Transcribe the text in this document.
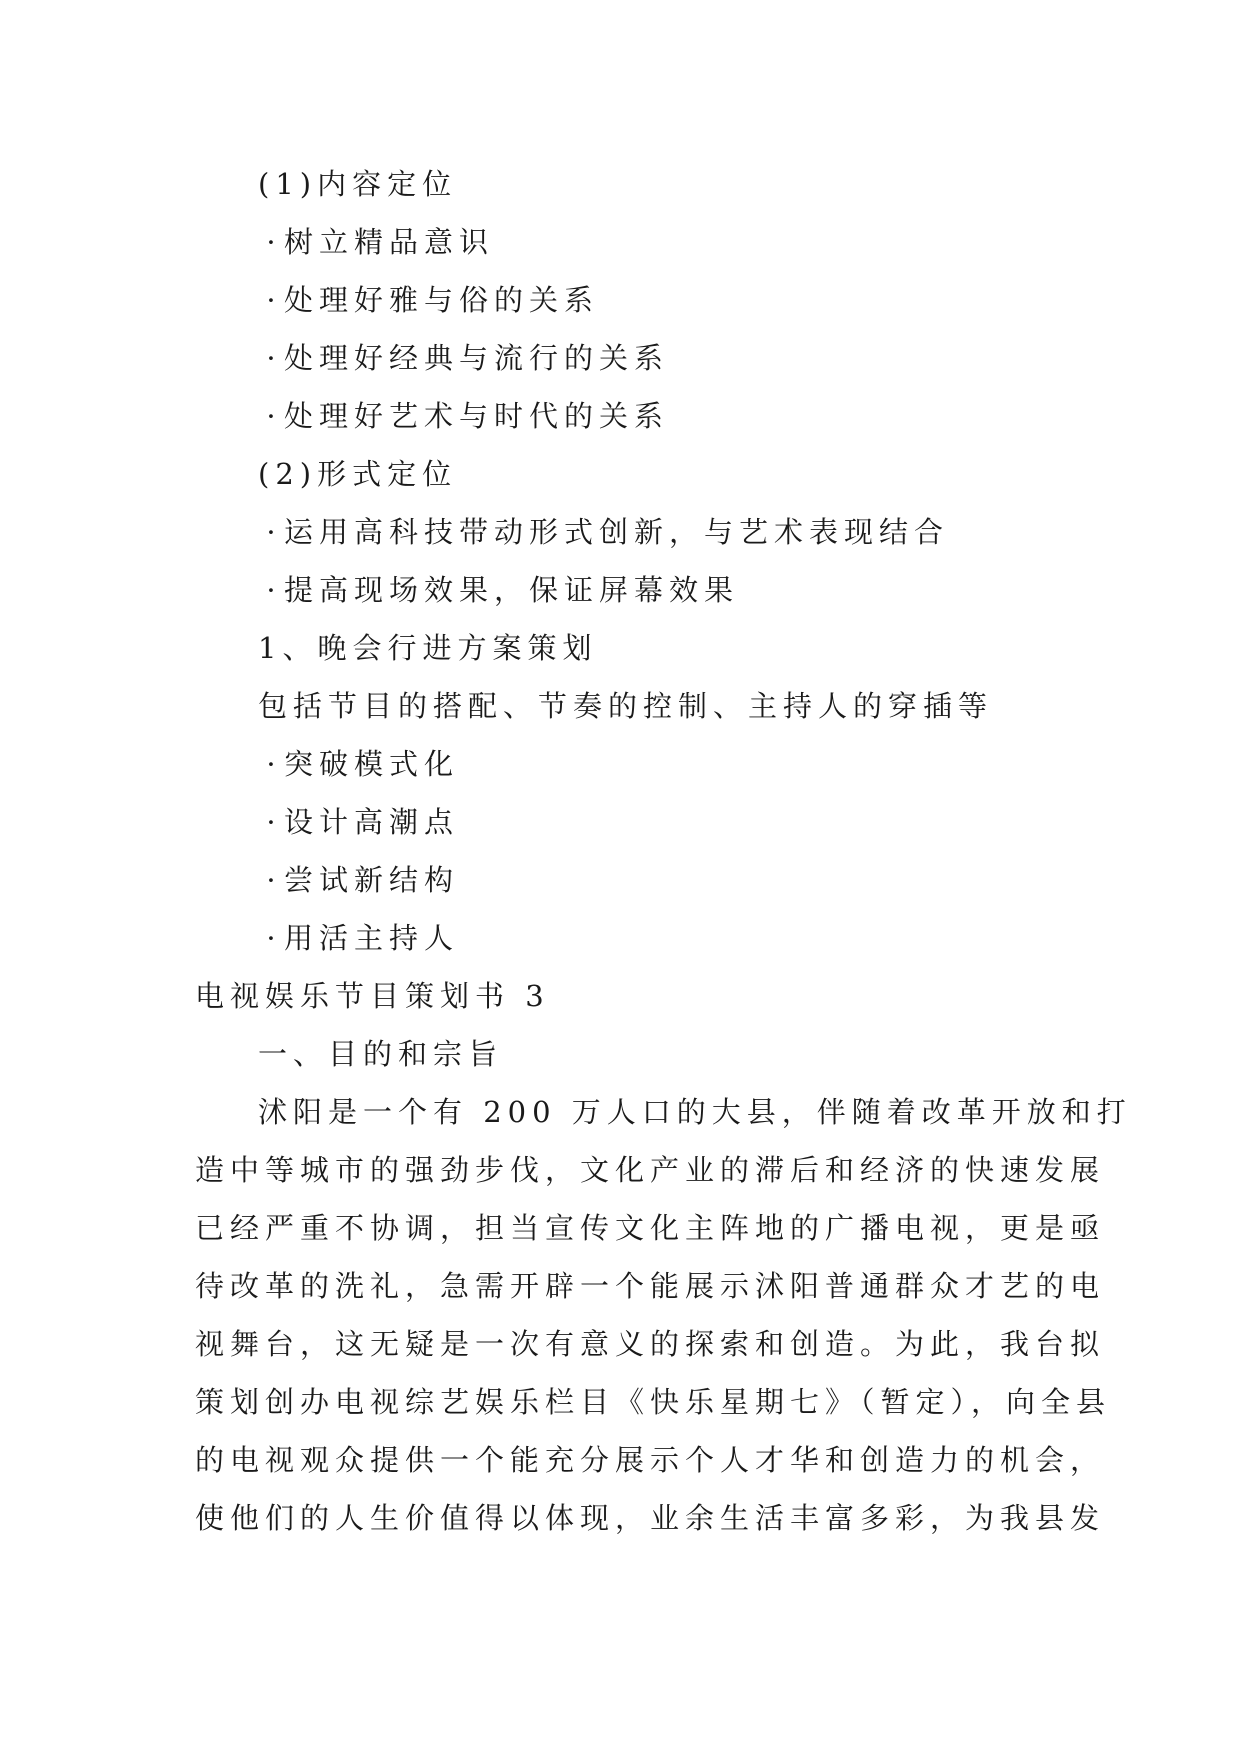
(1)内容定位
· 树立精品意识
· 处理好雅与俗的关系
· 处理好经典与流行的关系
· 处理好艺术与时代的关系
(2)形式定位
· 运用高科技带动形式创新，与艺术表现结合
· 提高现场效果，保证屏幕效果
1、晚会行进方案策划
包括节目的搭配、节奏的控制、主持人的穿插等
· 突破模式化
· 设计高潮点
· 尝试新结构
· 用活主持人
电视娱乐节目策划书 3
一、目的和宗旨
沭阳是一个有 200 万人口的大县，伴随着改革开放和打
造中等城市的强劲步伐，文化产业的滞后和经济的快速发展
已经严重不协调，担当宣传文化主阵地的广播电视，更是亟
待改革的洗礼，急需开辟一个能展示沭阳普通群众才艺的电
视舞台，这无疑是一次有意义的探索和创造。为此，我台拟
策划创办电视综艺娱乐栏目《快乐星期七》（暂定），向全县
的电视观众提供一个能充分展示个人才华和创造力的机会，
使他们的人生价值得以体现，业余生活丰富多彩，为我县发
